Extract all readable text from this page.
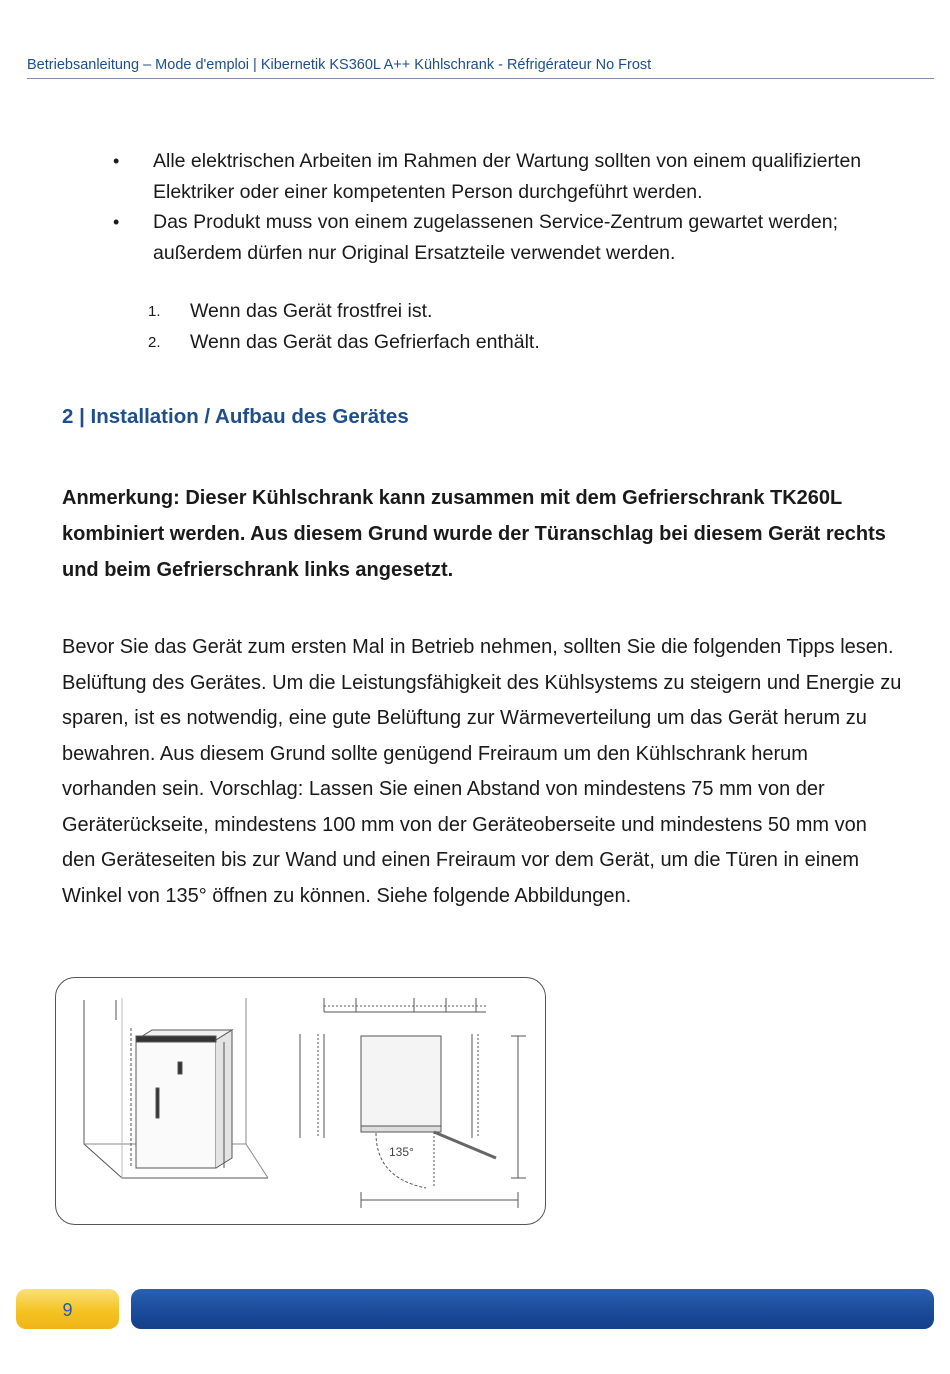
Betriebsanleitung – Mode d'emploi | Kibernetik KS360L A++ Kühlschrank - Réfrigérateur No Frost
• Alle elektrischen Arbeiten im Rahmen der Wartung sollten von einem qualifizierten Elektriker oder einer kompetenten Person durchgeführt werden.
• Das Produkt muss von einem zugelassenen Service-Zentrum gewartet werden; außerdem dürfen nur Original Ersatzteile verwendet werden.
1. Wenn das Gerät frostfrei ist.
2. Wenn das Gerät das Gefrierfach enthält.
2 | Installation / Aufbau des Gerätes
Anmerkung: Dieser Kühlschrank kann zusammen mit dem Gefrierschrank TK260L kombiniert werden. Aus diesem Grund wurde der Türanschlag bei diesem Gerät rechts und beim Gefrierschrank links angesetzt.
Bevor Sie das Gerät zum ersten Mal in Betrieb nehmen, sollten Sie die folgenden Tipps lesen. Belüftung des Gerätes. Um die Leistungsfähigkeit des Kühlsystems zu steigern und Energie zu sparen, ist es notwendig, eine gute Belüftung zur Wärmeverteilung um das Gerät herum zu bewahren. Aus diesem Grund sollte genügend Freiraum um den Kühlschrank herum vorhanden sein. Vorschlag: Lassen Sie einen Abstand von mindestens 75 mm von der Geräterückseite, mindestens 100 mm von der Geräteoberseite und mindestens 50 mm von den Geräteseiten bis zur Wand und einen Freiraum vor dem Gerät, um die Türen in einem Winkel von 135° öffnen zu können. Siehe folgende Abbildungen.
135°
9
